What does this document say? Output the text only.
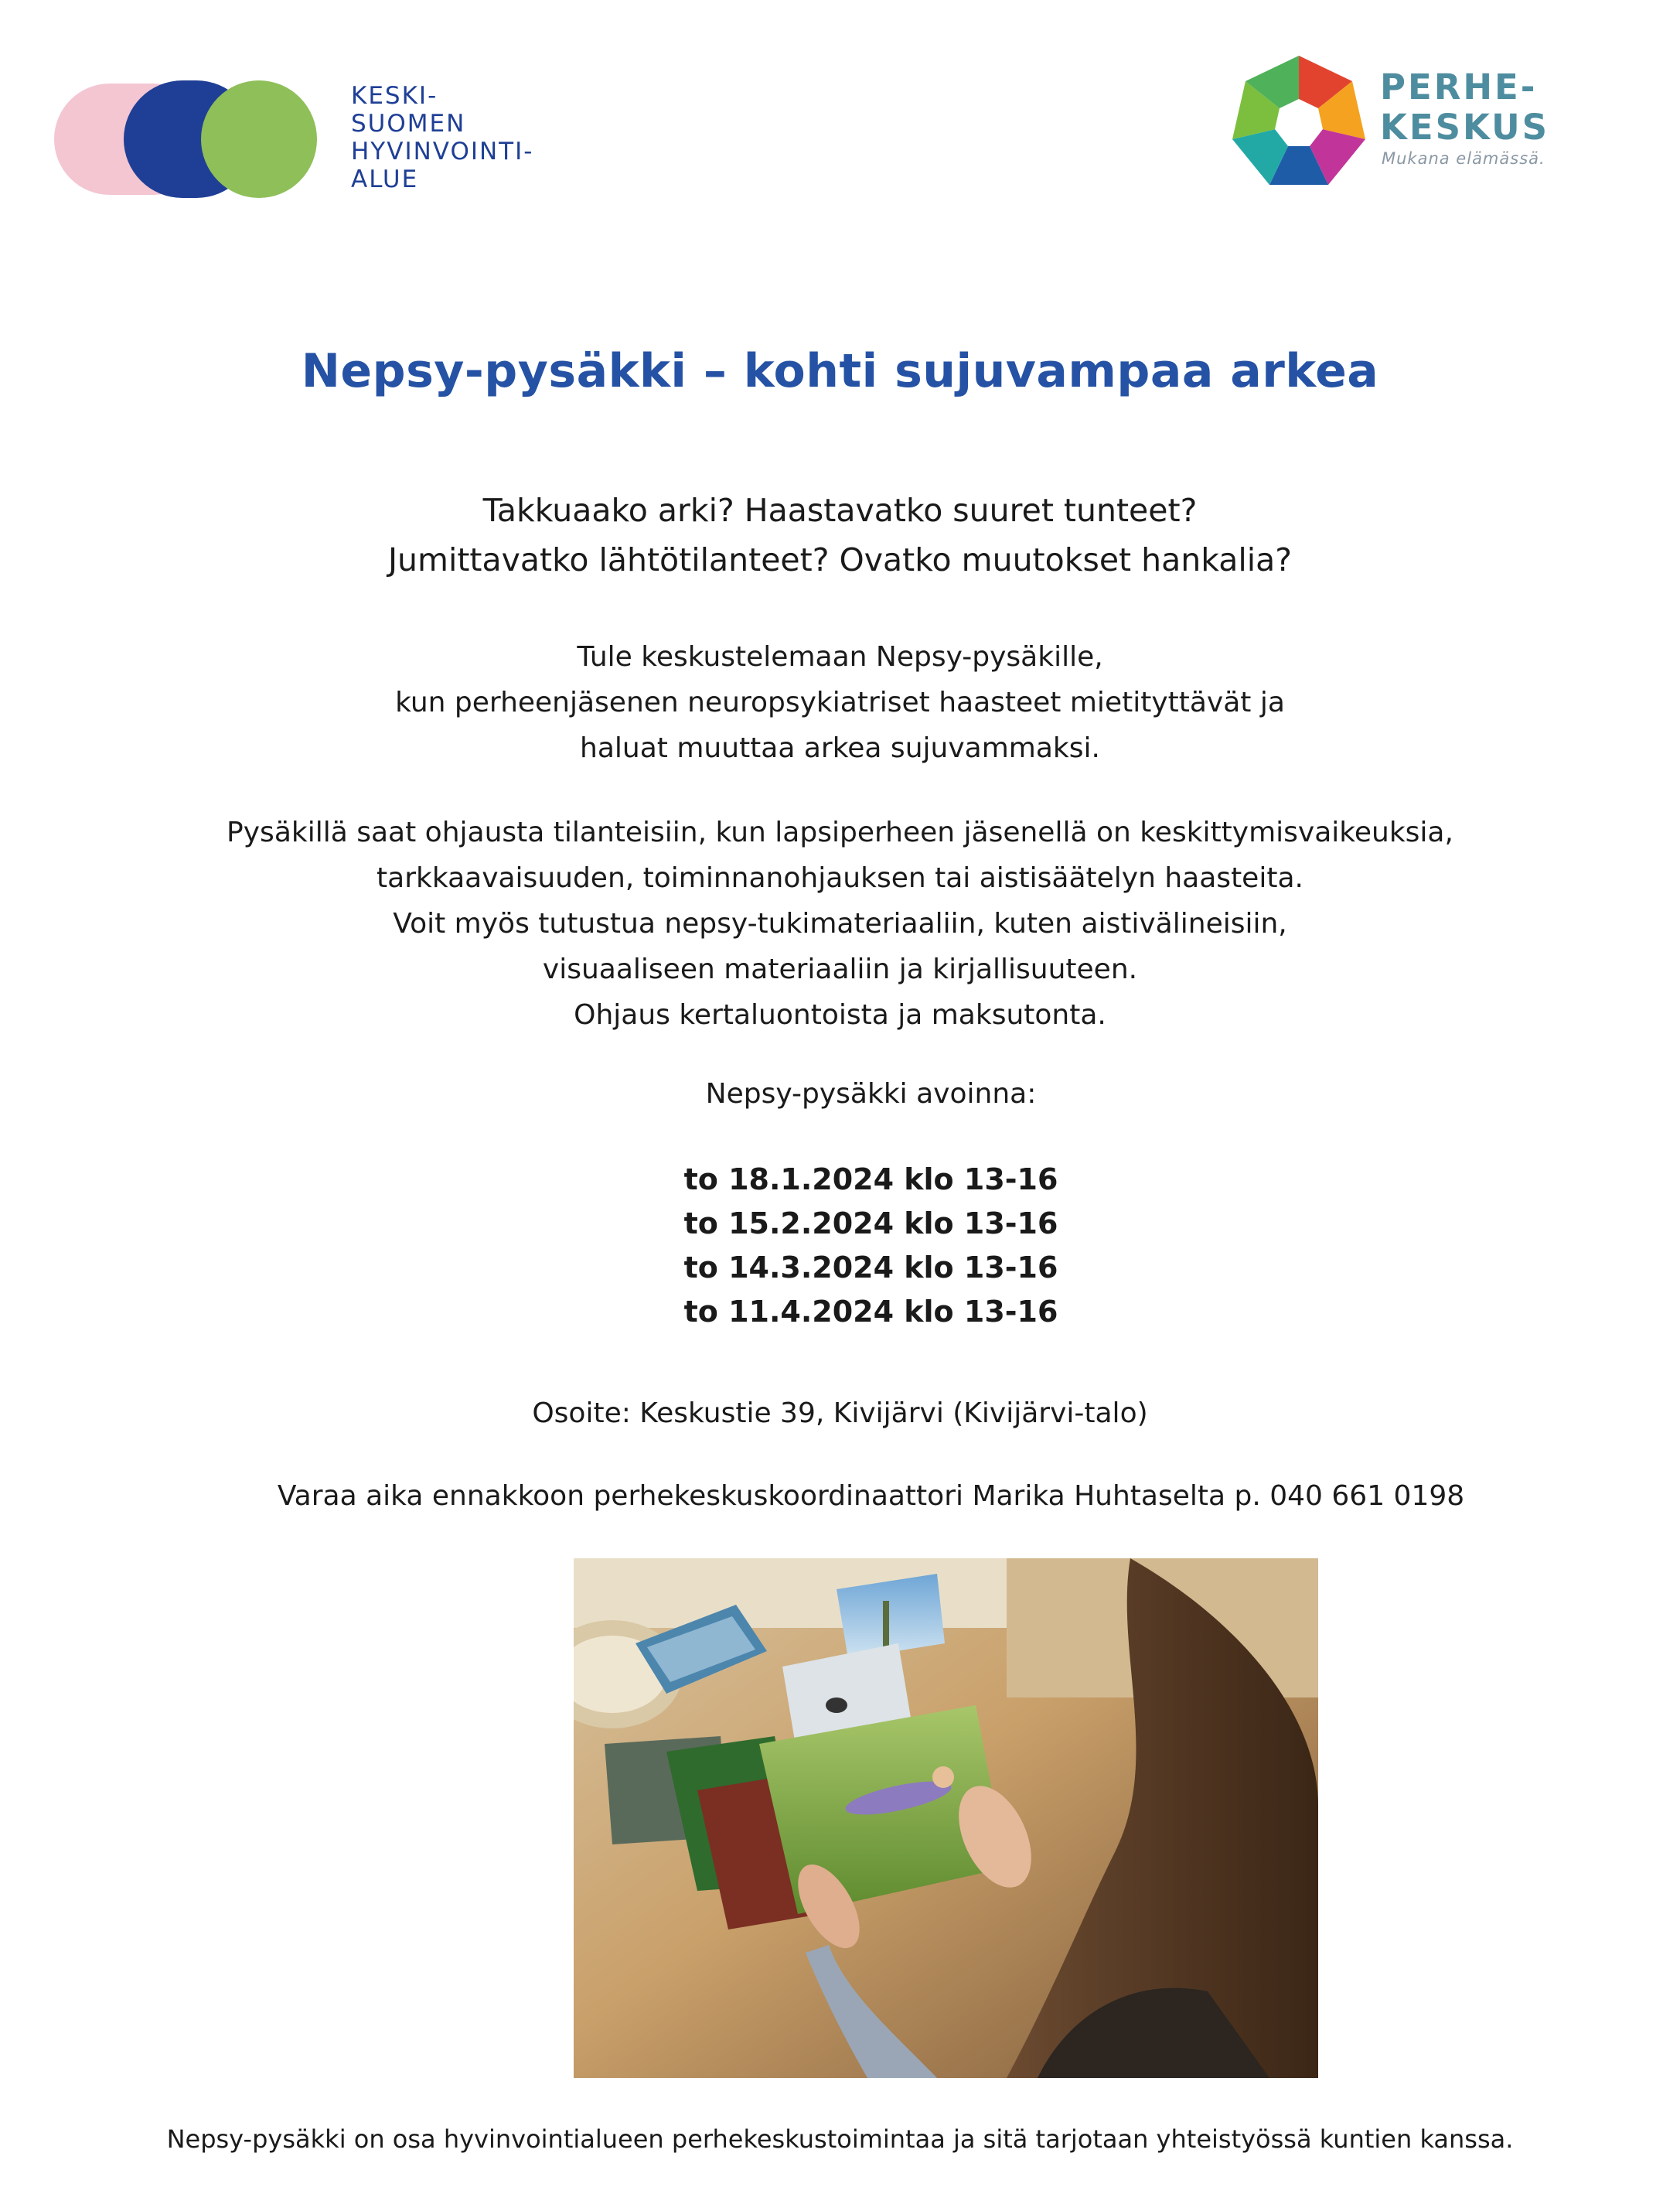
KESKI-
SUOMEN
HYVINVOINTI-
ALUE
PERHE-
KESKUS
Mukana elämässä.
Nepsy-pysäkki – kohti sujuvampaa arkea
Takkuaako arki? Haastavatko suuret tunteet?
Jumittavatko lähtötilanteet? Ovatko muutokset hankalia?
Tule keskustelemaan Nepsy-pysäkille,
kun perheenjäsenen neuropsykiatriset haasteet mietityttävät ja
haluat muuttaa arkea sujuvammaksi.
Pysäkillä saat ohjausta tilanteisiin, kun lapsiperheen jäsenellä on keskittymisvaikeuksia,
tarkkaavaisuuden, toiminnanohjauksen tai aistisäätelyn haasteita.
Voit myös tutustua nepsy-tukimateriaaliin, kuten aistivälineisiin,
visuaaliseen materiaaliin ja kirjallisuuteen.
Ohjaus kertaluontoista ja maksutonta.
Nepsy-pysäkki avoinna:
to 18.1.2024 klo 13-16
to 15.2.2024 klo 13-16
to 14.3.2024 klo 13-16
to 11.4.2024 klo 13-16
Osoite: Keskustie 39, Kivijärvi (Kivijärvi-talo)
Varaa aika ennakkoon perhekeskuskoordinaattori Marika Huhtaselta p. 040 661 0198
Nepsy-pysäkki on osa hyvinvointialueen perhekeskustoimintaa ja sitä tarjotaan yhteistyössä kuntien kanssa.
